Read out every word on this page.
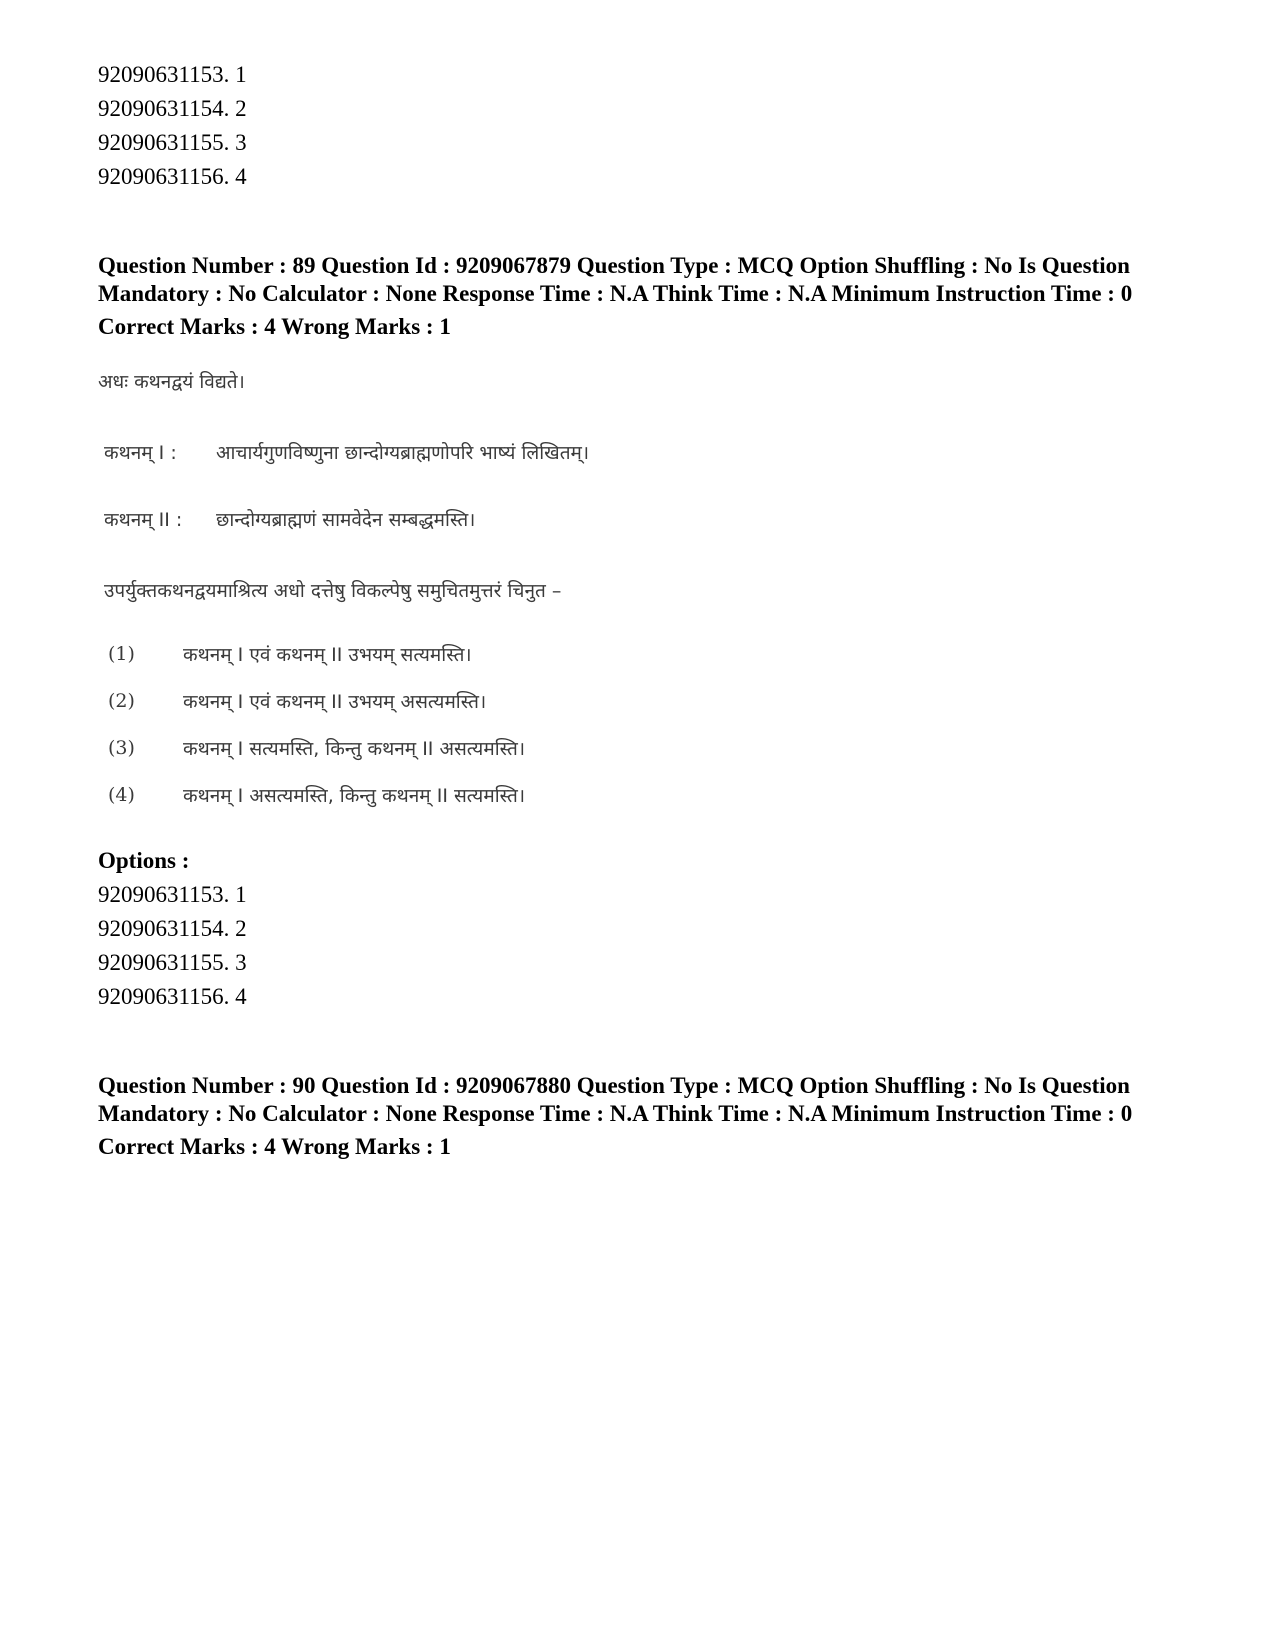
92090631153. 1
92090631154. 2
92090631155. 3
92090631156. 4
Question Number : 89 Question Id : 9209067879 Question Type : MCQ Option Shuffling : No Is Question Mandatory : No Calculator : None Response Time : N.A Think Time : N.A Minimum Instruction Time : 0
Correct Marks : 4 Wrong Marks : 1
अधः कथनद्वयं विद्यते।
कथनम् I :	आचार्यगुणविष्णुना छान्दोग्यब्राह्मणोपरि भाष्यं लिखितम्।
कथनम् II :	छान्दोग्यब्राह्मणं सामवेदेन सम्बद्धमस्ति।
उपर्युक्तकथनद्वयमाश्रित्य अधो दत्तेषु विकल्पेषु समुचितमुत्तरं चिनुत –
(1)	कथनम् I एवं कथनम् II उभयम् सत्यमस्ति।
(2)	कथनम् I एवं कथनम् II उभयम् असत्यमस्ति।
(3)	कथनम् I सत्यमस्ति, किन्तु कथनम् II असत्यमस्ति।
(4)	कथनम् I असत्यमस्ति, किन्तु कथनम् II सत्यमस्ति।
Options :
92090631153. 1
92090631154. 2
92090631155. 3
92090631156. 4
Question Number : 90 Question Id : 9209067880 Question Type : MCQ Option Shuffling : No Is Question Mandatory : No Calculator : None Response Time : N.A Think Time : N.A Minimum Instruction Time : 0
Correct Marks : 4 Wrong Marks : 1
